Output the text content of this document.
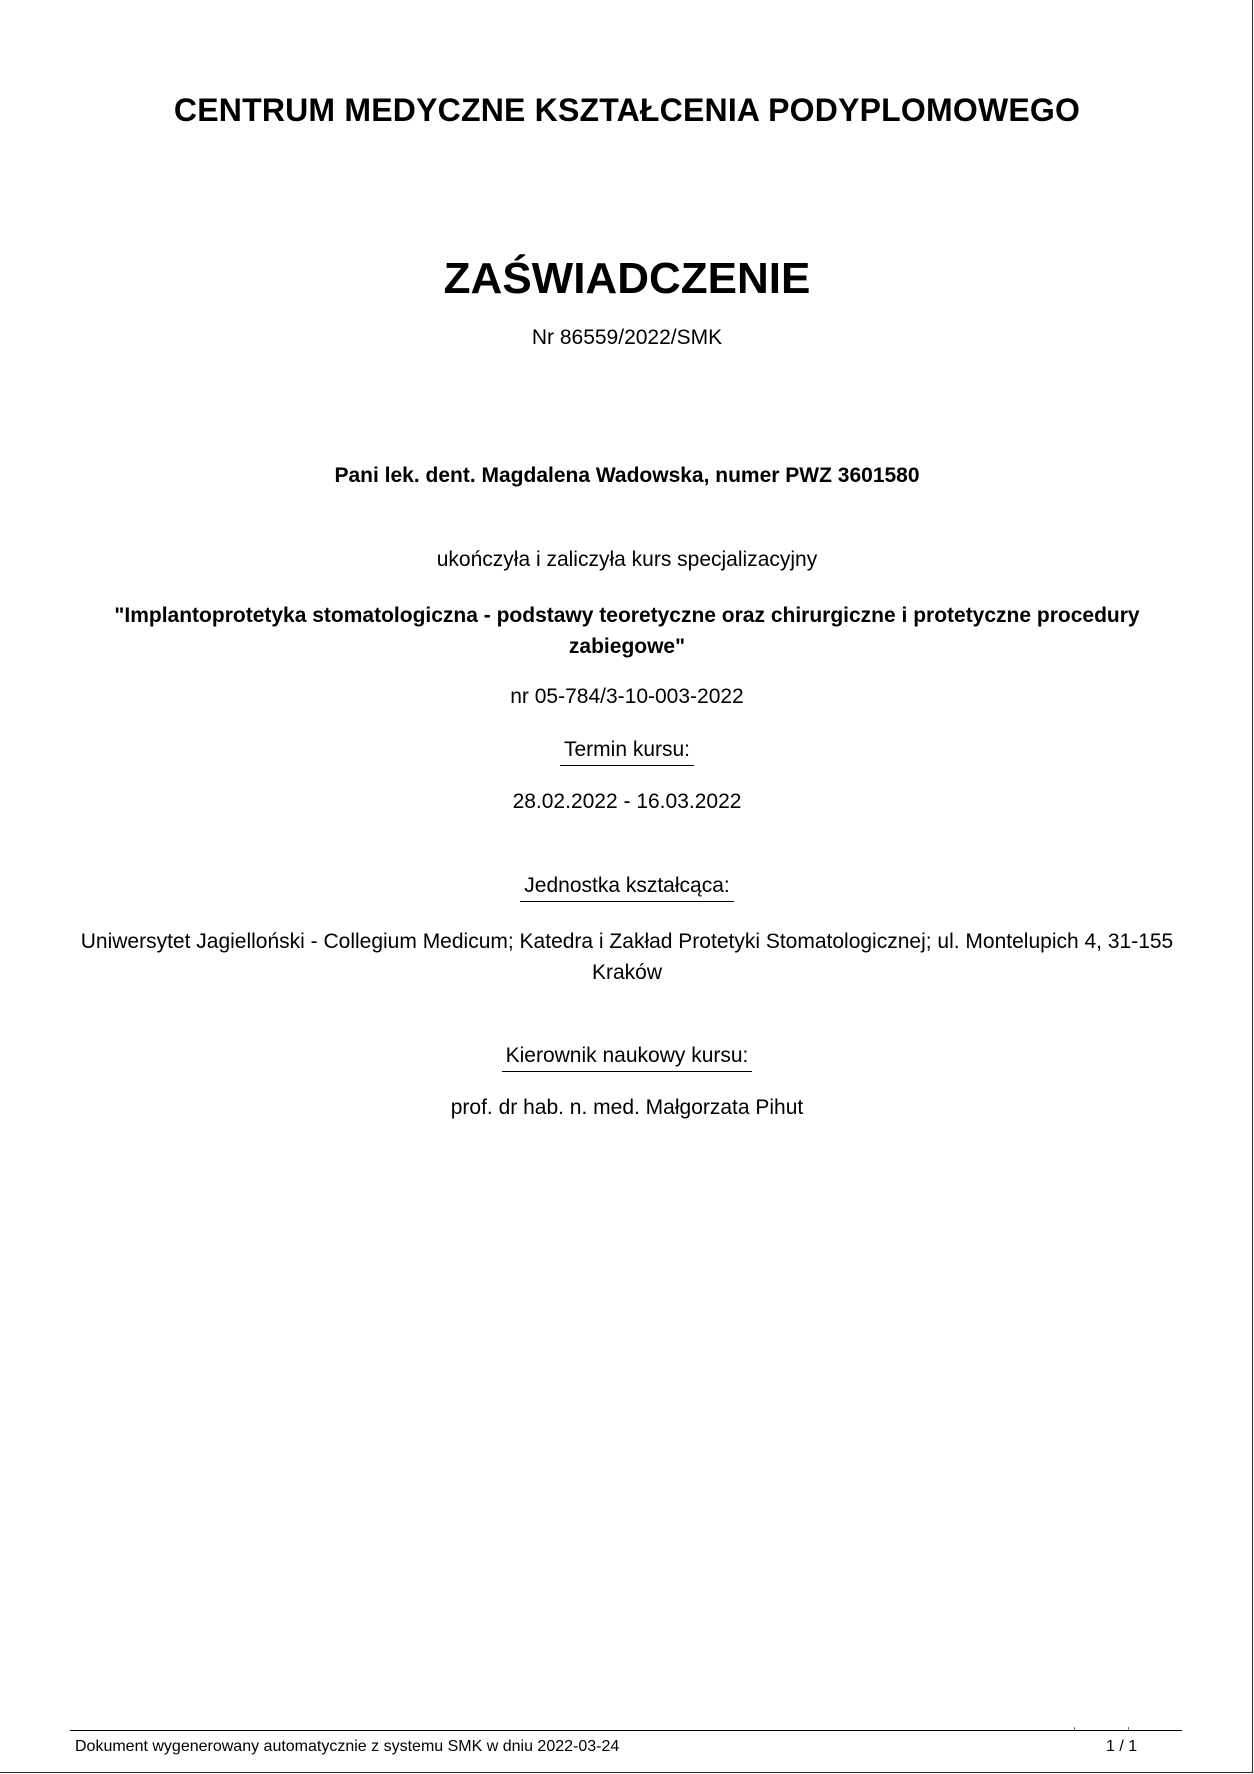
CENTRUM MEDYCZNE KSZTAŁCENIA PODYPLOMOWEGO
ZAŚWIADCZENIE
Nr 86559/2022/SMK
Pani lek. dent. Magdalena Wadowska, numer PWZ 3601580
ukończyła i zaliczyła kurs specjalizacyjny
"Implantoprotetyka stomatologiczna - podstawy teoretyczne oraz chirurgiczne i protetyczne procedury zabiegowe"
nr 05-784/3-10-003-2022
Termin kursu:
28.02.2022 - 16.03.2022
Jednostka kształcąca:
Uniwersytet Jagielloński - Collegium Medicum; Katedra i Zakład Protetyki Stomatologicznej; ul. Montelupich 4, 31-155 Kraków
Kierownik naukowy kursu:
prof. dr hab. n. med. Małgorzata Pihut
Dokument wygenerowany automatycznie z systemu SMK w dniu 2022-03-24	1 / 1
